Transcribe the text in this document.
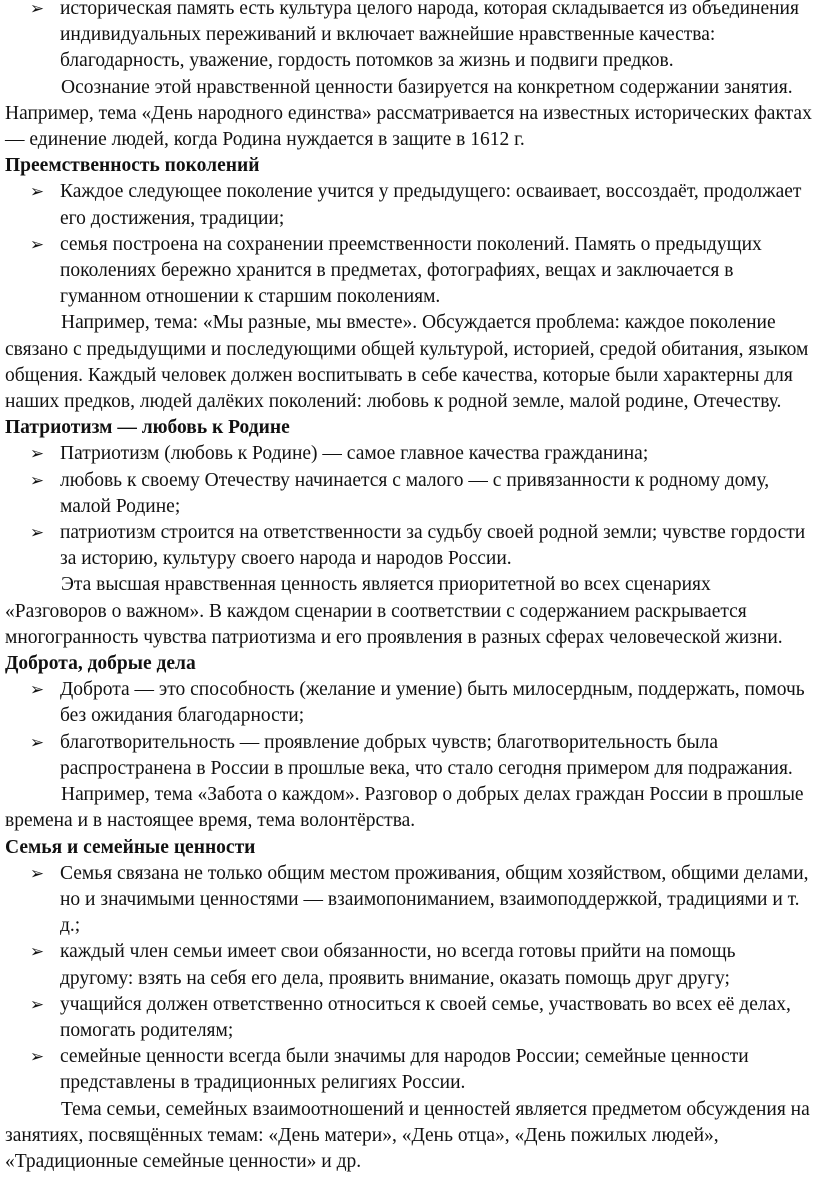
➢ историческая память есть культура целого народа, которая складывается из объединения индивидуальных переживаний и включает важнейшие нравственные качества: благодарность, уважение, гордость потомков за жизнь и подвиги предков.

Осознание этой нравственной ценности базируется на конкретном содержании занятия. Например, тема «День народного единства» рассматривается на известных исторических фактах — единение людей, когда Родина нуждается в защите в 1612 г.

Преемственность поколений

➢ Каждое следующее поколение учится у предыдущего: осваивает, воссоздаёт, продолжает его достижения, традиции;
➢ семья построена на сохранении преемственности поколений. Память о предыдущих поколениях бережно хранится в предметах, фотографиях, вещах и заключается в гуманном отношении к старшим поколениям.

Например, тема: «Мы разные, мы вместе». Обсуждается проблема: каждое поколение связано с предыдущими и последующими общей культурой, историей, средой обитания, языком общения. Каждый человек должен воспитывать в себе качества, которые были характерны для наших предков, людей далёких поколений: любовь к родной земле, малой родине, Отечеству.

Патриотизм — любовь к Родине

➢ Патриотизм (любовь к Родине) — самое главное качества гражданина;
➢ любовь к своему Отечеству начинается с малого — с привязанности к родному дому, малой Родине;
➢ патриотизм строится на ответственности за судьбу своей родной земли; чувстве гордости за историю, культуру своего народа и народов России.

Эта высшая нравственная ценность является приоритетной во всех сценариях «Разговоров о важном». В каждом сценарии в соответствии с содержанием раскрывается многогранность чувства патриотизма и его проявления в разных сферах человеческой жизни.

Доброта, добрые дела

➢ Доброта — это способность (желание и умение) быть милосердным, поддержать, помочь без ожидания благодарности;
➢ благотворительность — проявление добрых чувств; благотворительность была распространена в России в прошлые века, что стало сегодня примером для подражания.

Например, тема «Забота о каждом». Разговор о добрых делах граждан России в прошлые времена и в настоящее время, тема волонтёрства.

Семья и семейные ценности

➢ Семья связана не только общим местом проживания, общим хозяйством, общими делами, но и значимыми ценностями — взаимопониманием, взаимоподдержкой, традициями и т. д.;
➢ каждый член семьи имеет свои обязанности, но всегда готовы прийти на помощь другому: взять на себя его дела, проявить внимание, оказать помощь друг другу;
➢ учащийся должен ответственно относиться к своей семье, участвовать во всех её делах, помогать родителям;
➢ семейные ценности всегда были значимы для народов России; семейные ценности представлены в традиционных религиях России.

Тема семьи, семейных взаимоотношений и ценностей является предметом обсуждения на занятиях, посвящённых темам: «День матери», «День отца», «День пожилых людей», «Традиционные семейные ценности» и др.
